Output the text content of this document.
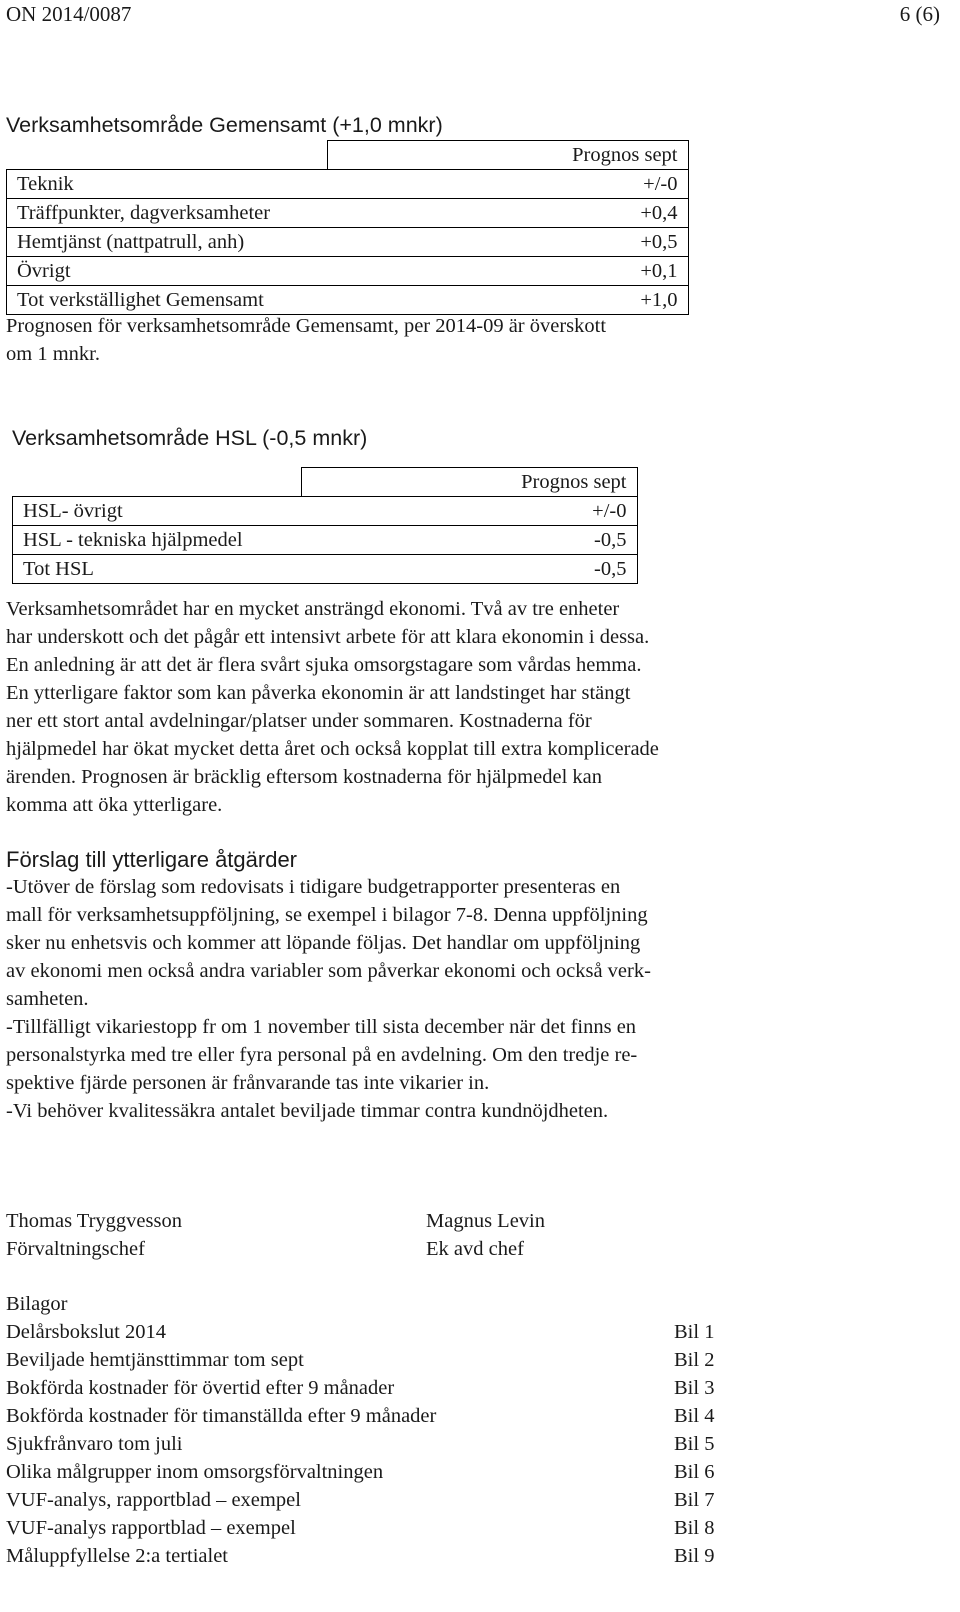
ON 2014/0087	6 (6)
Verksamhetsområde Gemensamt (+1,0 mnkr)
	Prognos sept
Teknik	+/-0
Träffpunkter, dagverksamheter	+0,4
Hemtjänst (nattpatrull, anh)	+0,5
Övrigt	+0,1
Tot verkställighet Gemensamt	+1,0
Prognosen för verksamhetsområde Gemensamt, per 2014-09 är överskott
om 1 mnkr.
Verksamhetsområde HSL (-0,5 mnkr)
	Prognos sept
HSL- övrigt	+/-0
HSL - tekniska hjälpmedel	-0,5
Tot HSL	-0,5
Verksamhetsområdet har en mycket ansträngd ekonomi. Två av tre enheter
har underskott och det pågår ett intensivt arbete för att klara ekonomin i dessa.
En anledning är att det är flera svårt sjuka omsorgstagare som vårdas hemma.
En ytterligare faktor som kan påverka ekonomin är att landstinget har stängt
ner ett stort antal avdelningar/platser under sommaren. Kostnaderna för
hjälpmedel har ökat mycket detta året och också kopplat till extra komplicerade
ärenden. Prognosen är bräcklig eftersom kostnaderna för hjälpmedel kan
komma att öka ytterligare.
Förslag till ytterligare åtgärder
-Utöver de förslag som redovisats i tidigare budgetrapporter presenteras en
mall för verksamhetsuppföljning, se exempel i bilagor 7-8. Denna uppföljning
sker nu enhetsvis och kommer att löpande följas. Det handlar om uppföljning
av ekonomi men också andra variabler som påverkar ekonomi och också verk-
samheten.
-Tillfälligt vikariestopp fr om 1 november till sista december när det finns en
personalstyrka med tre eller fyra personal på en avdelning. Om den tredje re-
spektive fjärde personen är frånvarande tas inte vikarier in.
-Vi behöver kvalitessäkra antalet beviljade timmar contra kundnöjdheten.
Thomas Tryggvesson
Förvaltningschef
Magnus Levin
Ek avd chef
Bilagor
Delårsbokslut 2014	Bil 1
Beviljade hemtjänsttimmar tom sept	Bil 2
Bokförda kostnader för övertid efter 9 månader	Bil 3
Bokförda kostnader för timanställda efter 9 månader	Bil 4
Sjukfrånvaro tom juli	Bil 5
Olika målgrupper inom omsorgsförvaltningen	Bil 6
VUF-analys, rapportblad – exempel	Bil 7
VUF-analys rapportblad – exempel	Bil 8
Måluppfyllelse 2:a tertialet	Bil 9
